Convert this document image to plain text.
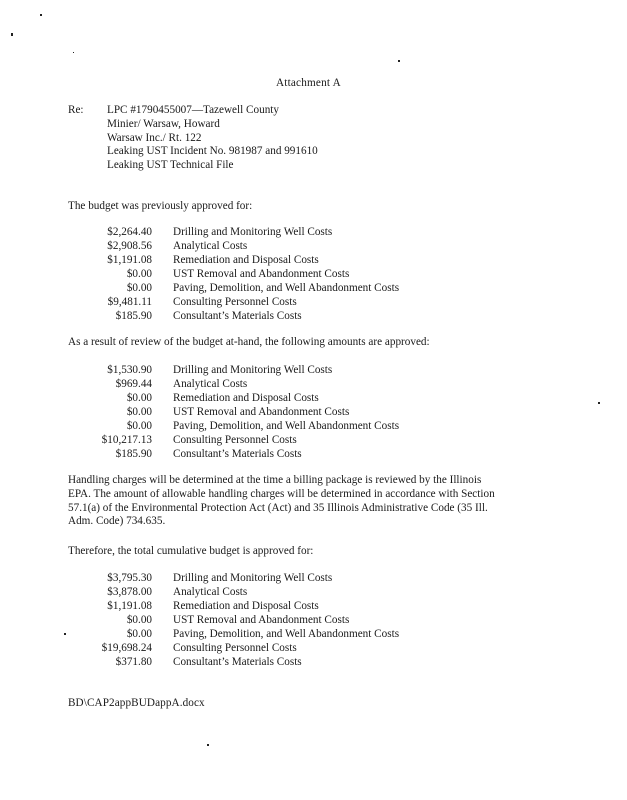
Attachment A
Re: LPC #1790455007—Tazewell County
Minier/ Warsaw, Howard
Warsaw Inc./ Rt. 122
Leaking UST Incident No. 981987 and 991610
Leaking UST Technical File
The budget was previously approved for:
$2,264.40 Drilling and Monitoring Well Costs
$2,908.56 Analytical Costs
$1,191.08 Remediation and Disposal Costs
$0.00 UST Removal and Abandonment Costs
$0.00 Paving, Demolition, and Well Abandonment Costs
$9,481.11 Consulting Personnel Costs
$185.90 Consultant’s Materials Costs
As a result of review of the budget at-hand, the following amounts are approved:
$1,530.90 Drilling and Monitoring Well Costs
$969.44 Analytical Costs
$0.00 Remediation and Disposal Costs
$0.00 UST Removal and Abandonment Costs
$0.00 Paving, Demolition, and Well Abandonment Costs
$10,217.13 Consulting Personnel Costs
$185.90 Consultant’s Materials Costs
Handling charges will be determined at the time a billing package is reviewed by the Illinois
EPA. The amount of allowable handling charges will be determined in accordance with Section
57.1(a) of the Environmental Protection Act (Act) and 35 Illinois Administrative Code (35 Ill.
Adm. Code) 734.635.
Therefore, the total cumulative budget is approved for:
$3,795.30 Drilling and Monitoring Well Costs
$3,878.00 Analytical Costs
$1,191.08 Remediation and Disposal Costs
$0.00 UST Removal and Abandonment Costs
$0.00 Paving, Demolition, and Well Abandonment Costs
$19,698.24 Consulting Personnel Costs
$371.80 Consultant’s Materials Costs
BD\CAP2appBUDappA.docx
